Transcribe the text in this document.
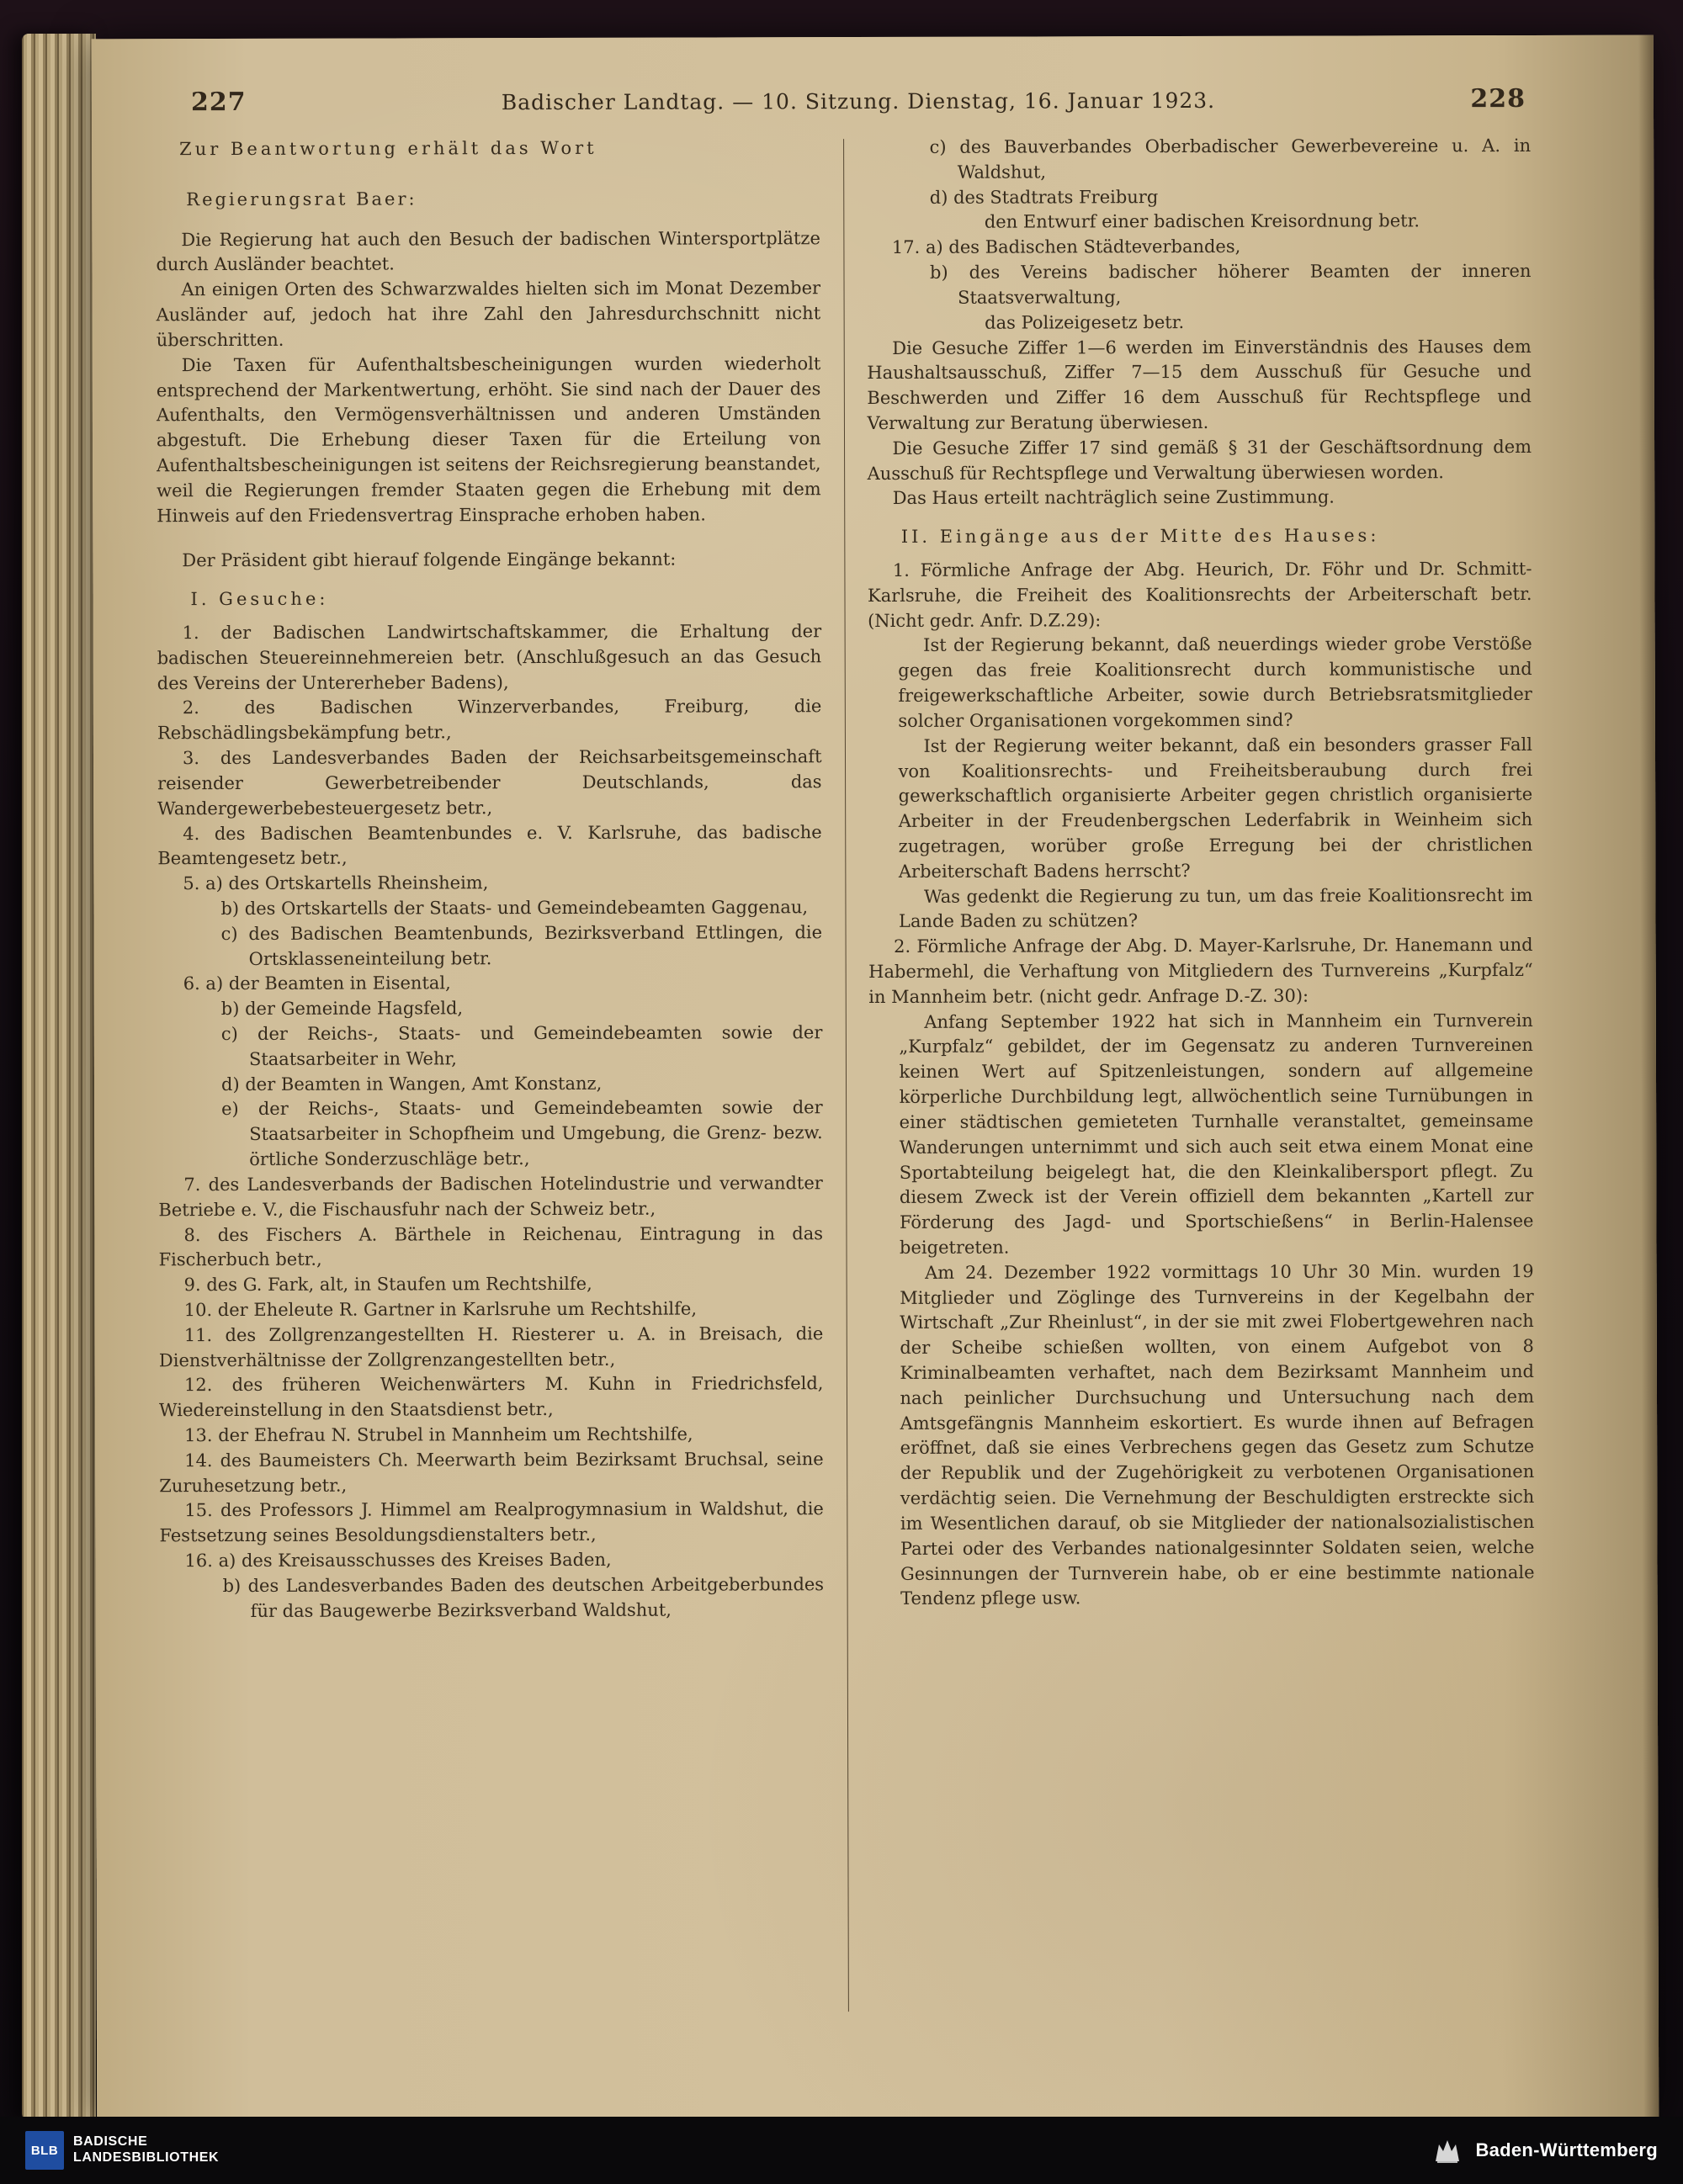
227	Badischer Landtag. — 10. Sitzung. Dienstag, 16. Januar 1923.	228

Zur Beantwortung erhält das Wort

Regierungsrat Baer:

Die Regierung hat auch den Besuch der badischen Wintersportplätze durch Ausländer beachtet.

An einigen Orten des Schwarzwaldes hielten sich im Monat Dezember Ausländer auf, jedoch hat ihre Zahl den Jahresdurchschnitt nicht überschritten.

Die Taxen für Aufenthaltsbescheinigungen wurden wiederholt entsprechend der Markentwertung, erhöht. Sie sind nach der Dauer des Aufenthalts, den Vermögensverhältnissen und anderen Umständen abgestuft. Die Erhebung dieser Taxen für die Erteilung von Aufenthaltsbescheinigungen ist seitens der Reichsregierung beanstandet, weil die Regierungen fremder Staaten gegen die Erhebung mit dem Hinweis auf den Friedensvertrag Einsprache erhoben haben.

Der Präsident gibt hierauf folgende Eingänge bekannt:

I. Gesuche:

1. der Badischen Landwirtschaftskammer, die Erhaltung der badischen Steuereinnehmereien betr. (Anschlußgesuch an das Gesuch des Vereins der Untererheber Badens),

2. des Badischen Winzerverbandes, Freiburg, die Rebschädlingsbekämpfung betr.,

3. des Landesverbandes Baden der Reichsarbeitsgemeinschaft reisender Gewerbetreibender Deutschlands, das Wandergewerbebesteuergesetz betr.,

4. des Badischen Beamtenbundes e. V. Karlsruhe, das badische Beamtengesetz betr.,

5. a) des Ortskartells Rheinsheim,

b) des Ortskartells der Staats- und Gemeindebeamten Gaggenau,

c) des Badischen Beamtenbunds, Bezirksverband Ettlingen, die Ortsklasseneinteilung betr.

6. a) der Beamten in Eisental,

b) der Gemeinde Hagsfeld,

c) der Reichs-, Staats- und Gemeindebeamten sowie der Staatsarbeiter in Wehr,

d) der Beamten in Wangen, Amt Konstanz,

e) der Reichs-, Staats- und Gemeindebeamten sowie der Staatsarbeiter in Schopfheim und Umgebung, die Grenz- bezw. örtliche Sonderzuschläge betr.,

7. des Landesverbands der Badischen Hotelindustrie und verwandter Betriebe e. V., die Fischausfuhr nach der Schweiz betr.,

8. des Fischers A. Bärthele in Reichenau, Eintragung in das Fischerbuch betr.,

9. des G. Fark, alt, in Staufen um Rechtshilfe,

10. der Eheleute R. Gartner in Karlsruhe um Rechtshilfe,

11. des Zollgrenzangestellten H. Riesterer u. A. in Breisach, die Dienstverhältnisse der Zollgrenzangestellten betr.,

12. des früheren Weichenwärters M. Kuhn in Friedrichsfeld, Wiedereinstellung in den Staatsdienst betr.,

13. der Ehefrau N. Strubel in Mannheim um Rechtshilfe,

14. des Baumeisters Ch. Meerwarth beim Bezirksamt Bruchsal, seine Zuruhesetzung betr.,

15. des Professors J. Himmel am Realprogymnasium in Waldshut, die Festsetzung seines Besoldungsdienstalters betr.,

16. a) des Kreisausschusses des Kreises Baden,

b) des Landesverbandes Baden des deutschen Arbeitgeberbundes für das Baugewerbe Bezirksverband Waldshut,

c) des Bauverbandes Oberbadischer Gewerbevereine u. A. in Waldshut,

d) des Stadtrats Freiburg

den Entwurf einer badischen Kreisordnung betr.

17. a) des Badischen Städteverbandes,

b) des Vereins badischer höherer Beamten der inneren Staatsverwaltung,

das Polizeigesetz betr.

Die Gesuche Ziffer 1—6 werden im Einverständnis des Hauses dem Haushaltsausschuß, Ziffer 7—15 dem Ausschuß für Gesuche und Beschwerden und Ziffer 16 dem Ausschuß für Rechtspflege und Verwaltung zur Beratung überwiesen.

Die Gesuche Ziffer 17 sind gemäß § 31 der Geschäftsordnung dem Ausschuß für Rechtspflege und Verwaltung überwiesen worden.

Das Haus erteilt nachträglich seine Zustimmung.

II. Eingänge aus der Mitte des Hauses:

1. Förmliche Anfrage der Abg. Heurich, Dr. Föhr und Dr. Schmitt-Karlsruhe, die Freiheit des Koalitionsrechts der Arbeiterschaft betr. (Nicht gedr. Anfr. D.Z.29):

Ist der Regierung bekannt, daß neuerdings wieder grobe Verstöße gegen das freie Koalitionsrecht durch kommunistische und freigewerkschaftliche Arbeiter, sowie durch Betriebsratsmitglieder solcher Organisationen vorgekommen sind?

Ist der Regierung weiter bekannt, daß ein besonders grasser Fall von Koalitionsrechts- und Freiheitsberaubung durch frei gewerkschaftlich organisierte Arbeiter gegen christlich organisierte Arbeiter in der Freudenbergschen Lederfabrik in Weinheim sich zugetragen, worüber große Erregung bei der christlichen Arbeiterschaft Badens herrscht?

Was gedenkt die Regierung zu tun, um das freie Koalitionsrecht im Lande Baden zu schützen?

2. Förmliche Anfrage der Abg. D. Mayer-Karlsruhe, Dr. Hanemann und Habermehl, die Verhaftung von Mitgliedern des Turnvereins „Kurpfalz“ in Mannheim betr. (nicht gedr. Anfrage D.-Z. 30):

Anfang September 1922 hat sich in Mannheim ein Turnverein „Kurpfalz“ gebildet, der im Gegensatz zu anderen Turnvereinen keinen Wert auf Spitzenleistungen, sondern auf allgemeine körperliche Durchbildung legt, allwöchentlich seine Turnübungen in einer städtischen gemieteten Turnhalle veranstaltet, gemeinsame Wanderungen unternimmt und sich auch seit etwa einem Monat eine Sportabteilung beigelegt hat, die den Kleinkalibersport pflegt. Zu diesem Zweck ist der Verein offiziell dem bekannten „Kartell zur Förderung des Jagd- und Sportschießens“ in Berlin-Halensee beigetreten.

Am 24. Dezember 1922 vormittags 10 Uhr 30 Min. wurden 19 Mitglieder und Zöglinge des Turnvereins in der Kegelbahn der Wirtschaft „Zur Rheinlust“, in der sie mit zwei Flobertgewehren nach der Scheibe schießen wollten, von einem Aufgebot von 8 Kriminalbeamten verhaftet, nach dem Bezirksamt Mannheim und nach peinlicher Durchsuchung und Untersuchung nach dem Amtsgefängnis Mannheim eskortiert. Es wurde ihnen auf Befragen eröffnet, daß sie eines Verbrechens gegen das Gesetz zum Schutze der Republik und der Zugehörigkeit zu verbotenen Organisationen verdächtig seien. Die Vernehmung der Beschuldigten erstreckte sich im Wesentlichen darauf, ob sie Mitglieder der nationalsozialistischen Partei oder des Verbandes nationalgesinnter Soldaten seien, welche Gesinnungen der Turnverein habe, ob er eine bestimmte nationale Tendenz pflege usw.

BLB
BADISCHE
LANDESBIBLIOTHEK	Baden-Württemberg
